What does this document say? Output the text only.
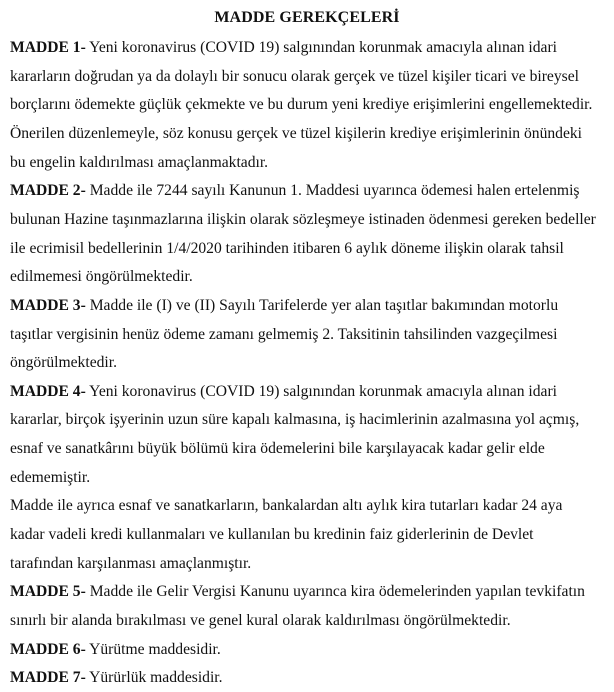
MADDE GEREKÇELERİ
MADDE 1- Yeni koronavirus (COVID 19) salgınından korunmak amacıyla alınan idari
kararların doğrudan ya da dolaylı bir sonucu olarak gerçek ve tüzel kişiler ticari ve bireysel
borçlarını ödemekte güçlük çekmekte ve bu durum yeni krediye erişimlerini engellemektedir.
Önerilen düzenlemeyle, söz konusu gerçek ve tüzel kişilerin krediye erişimlerinin önündeki
bu engelin kaldırılması amaçlanmaktadır.
MADDE 2- Madde ile 7244 sayılı Kanunun 1. Maddesi uyarınca ödemesi halen ertelenmiş
bulunan Hazine taşınmazlarına ilişkin olarak sözleşmeye istinaden ödenmesi gereken bedeller
ile ecrimisil bedellerinin 1/4/2020 tarihinden itibaren 6 aylık döneme ilişkin olarak tahsil
edilmemesi öngörülmektedir.
MADDE 3- Madde ile (I) ve (II) Sayılı Tarifelerde yer alan taşıtlar bakımından motorlu
taşıtlar vergisinin henüz ödeme zamanı gelmemiş 2. Taksitinin tahsilinden vazgeçilmesi
öngörülmektedir.
MADDE 4- Yeni koronavirus (COVID 19) salgınından korunmak amacıyla alınan idari
kararlar, birçok işyerinin uzun süre kapalı kalmasına, iş hacimlerinin azalmasına yol açmış,
esnaf ve sanatkârını büyük bölümü kira ödemelerini bile karşılayacak kadar gelir elde
edememiştir.
Madde ile ayrıca esnaf ve sanatkarların, bankalardan altı aylık kira tutarları kadar 24 aya
kadar vadeli kredi kullanmaları ve kullanılan bu kredinin faiz giderlerinin de Devlet
tarafından karşılanması amaçlanmıştır.
MADDE 5- Madde ile Gelir Vergisi Kanunu uyarınca kira ödemelerinden yapılan tevkifatın
sınırlı bir alanda bırakılması ve genel kural olarak kaldırılması öngörülmektedir.
MADDE 6- Yürütme maddesidir.
MADDE 7- Yürürlük maddesidir.
